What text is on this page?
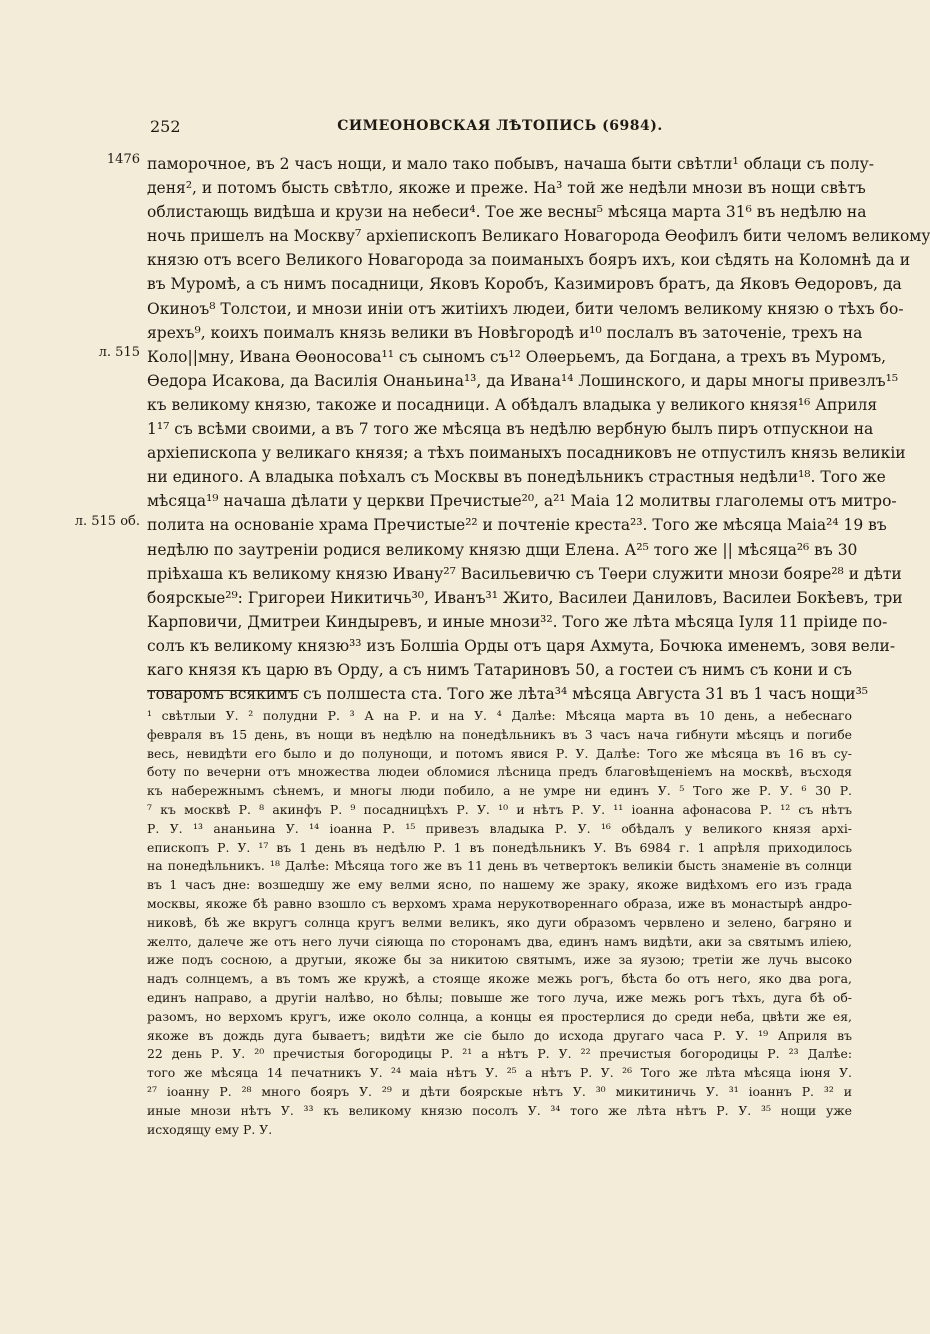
252	СИМЕОНОВСКАЯ ЛѢТОПИСЬ (6984).
1476
л. 515
л. 515 об.
паморочное, въ 2 часъ нощи, и мало тако побывъ, начаша быти свѣтли¹ облаци съ полу-
деня², и потомъ бысть свѣтло, якоже и преже. На³ той же недѣли мнози въ нощи свѣтъ
облистающь видѣша и крузи на небеси⁴. Тое же весны⁵ мѣсяца марта 31⁶ въ недѣлю на
ночь пришелъ на Москву⁷ архіепископъ Великаго Новагорода Ѳеофилъ бити челомъ великому
князю отъ всего Великого Новагорода за поиманыхъ бояръ ихъ, кои сѣдять на Коломнѣ да и
въ Муромѣ, а съ нимъ посадници, Яковъ Коробъ, Казимировъ братъ, да Яковъ Ѳедоровъ, да
Окиноъ⁸ Толстои, и мнози иніи отъ житіихъ людеи, бити челомъ великому князю о тѣхъ бо-
ярехъ⁹, коихъ поималъ князь велики въ Новѣгородѣ и¹⁰ послалъ въ заточеніе, трехъ на
Коло||мну, Ивана Ѳѳоносова¹¹ съ сыномъ съ¹² Олѳерьемъ, да Богдана, а трехъ въ Муромъ,
Ѳедора Исакова, да Василія Онаньина¹³, да Ивана¹⁴ Лошинского, и дары многы привезлъ¹⁵
къ великому князю, такоже и посадници. А обѣдалъ владыка у великого князя¹⁶ Априля
1¹⁷ съ всѣми своими, а въ 7 того же мѣсяца въ недѣлю вербную былъ пиръ отпускнои на
архіепископа у великаго князя; а тѣхъ поиманыхъ посадниковъ не отпустилъ князь великіи
ни единого. А владыка поѣхалъ съ Москвы въ понедѣльникъ страстныя недѣли¹⁸. Того же
мѣсяца¹⁹ начаша дѣлати у церкви Пречистые²⁰, а²¹ Маіа 12 молитвы глаголемы отъ митро-
полита на основаніе храма Пречистые²² и почтеніе креста²³. Того же мѣсяца Маіа²⁴ 19 въ
недѣлю по заутреніи родися великому князю дщи Елена. А²⁵ того же || мѣсяца²⁶ въ 30
пріѣхаша къ великому князю Ивану²⁷ Васильевичю съ Тѳери служити мнози бояре²⁸ и дѣти
боярскые²⁹: Григореи Никитичь³⁰, Иванъ³¹ Жито, Василеи Даниловъ, Василеи Бокѣевъ, три
Карповичи, Дмитреи Киндыревъ, и иные мнози³². Того же лѣта мѣсяца Іуля 11 пріиде по-
солъ къ великому князю³³ изъ Болшіа Орды отъ царя Ахмута, Бочюка именемъ, зовя вели-
каго князя къ царю въ Орду, а съ нимъ Татариновъ 50, а гостеи съ нимъ съ кони и съ
товаромъ всякимъ съ полшеста ста. Того же лѣта³⁴ мѣсяца Августа 31 въ 1 часъ нощи³⁵
¹ свѣтлыи У. ² полудни Р. ³ А на Р. и на У. ⁴ Далѣе: Мѣсяца марта въ 10 день, а небеснаго
февраля въ 15 день, въ нощи въ недѣлю на понедѣльникъ въ 3 часъ нача гибнути мѣсяцъ и погибе
весь, невидѣти его было и до полунощи, и потомъ явися Р. У. Далѣе: Того же мѣсяца въ 16 въ су-
боту по вечерни отъ множества людеи обломися лѣсница предъ благовѣщеніемъ на москвѣ, въсходя
къ набережнымъ сѣнемъ, и многы люди побило, а не умре ни единъ У. ⁵ Того же Р. У. ⁶ 30 Р.
⁷ къ москвѣ Р. ⁸ акинфъ Р. ⁹ посадницѣхъ Р. У. ¹⁰ и нѣтъ Р. У. ¹¹ іоанна афонасова Р. ¹² съ нѣтъ
Р. У. ¹³ ананьина У. ¹⁴ іоанна Р. ¹⁵ привезъ владыка Р. У. ¹⁶ обѣдалъ у великого князя архі-
епископъ Р. У. ¹⁷ въ 1 день въ недѣлю Р. 1 въ понедѣльникъ У. Въ 6984 г. 1 апрѣля приходилось
на понедѣльникъ. ¹⁸ Далѣе: Мѣсяца того же въ 11 день въ четвертокъ великіи бысть знаменіе въ солнци
въ 1 часъ дне: возшедшу же ему велми ясно, по нашему же зраку, якоже видѣхомъ его изъ града
москвы, якоже бѣ равно взошло съ верхомъ храма нерукотвореннаго образа, иже въ монастырѣ андро-
никовѣ, бѣ же вкругъ солнца кругъ велми великъ, яко дуги образомъ червлено и зелено, багряно и
желто, далече же отъ него лучи сіяюща по сторонамъ два, единъ намъ видѣти, аки за святымъ иліею,
иже подъ сосною, а другыи, якоже бы за никитою святымъ, иже за яузою; третіи же лучь высоко
надъ солнцемъ, а въ томъ же кружѣ, а стояще якоже межь рогъ, бѣста бо отъ него, яко два рога,
единъ направо, а другіи налѣво, но бѣлы; повыше же того луча, иже межь рогъ тѣхъ, дуга бѣ об-
разомъ, но верхомъ кругъ, иже около солнца, а концы ея простерлися до среди неба, цвѣти же ея,
якоже въ дождь дуга бываетъ; видѣти же сіе было до исхода другаго часа Р. У. ¹⁹ Априля въ
22 день Р. У. ²⁰ пречистыя богородицы Р. ²¹ а нѣтъ Р. У. ²² пречистыя богородицы Р. ²³ Далѣе:
того же мѣсяца 14 печатникъ У. ²⁴ маіа нѣтъ У. ²⁵ а нѣтъ Р. У. ²⁶ Того же лѣта мѣсяца іюня У.
²⁷ іоанну Р. ²⁸ много бояръ У. ²⁹ и дѣти боярскые нѣтъ У. ³⁰ микитиничь У. ³¹ іоаннъ Р. ³² и
иные мнози нѣтъ У. ³³ къ великому князю посолъ У. ³⁴ того же лѣта нѣтъ Р. У. ³⁵ нощи уже
исходящу ему Р. У.
